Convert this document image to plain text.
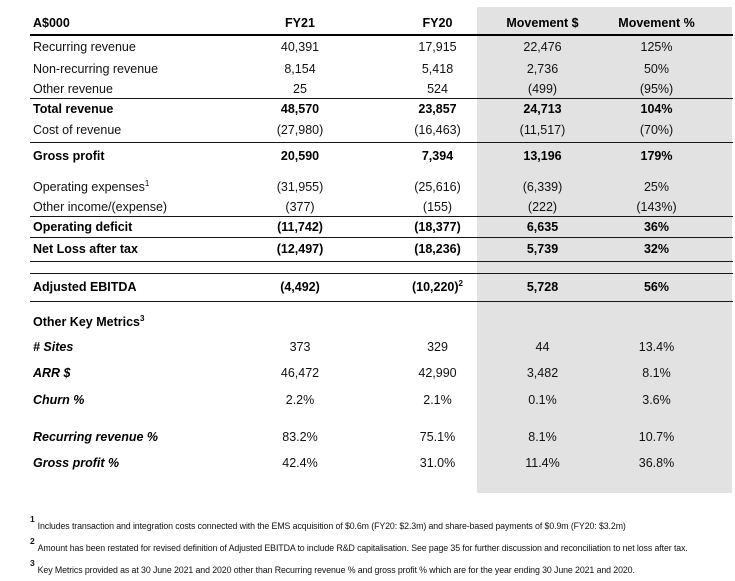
A$000	FY21	FY20	Movement $	Movement %
Recurring revenue	40,391	17,915	22,476	125%
Non-recurring revenue	8,154	5,418	2,736	50%
Other revenue	25	524	(499)	(95%)
Total revenue	48,570	23,857	24,713	104%
Cost of revenue	(27,980)	(16,463)	(11,517)	(70%)
Gross profit	20,590	7,394	13,196	179%
Operating expenses$^1$	(31,955)	(25,616)	(6,339)	25%
Other income/(expense)	(377)	(155)	(222)	(143%)
Operating deficit	(11,742)	(18,377)	6,635	36%
Net Loss after tax	(12,497)	(18,236)	5,739	32%
Adjusted EBITDA	(4,492)	$(10,220)^2$	5,728	56%
Other Key Metrics$^3$
# Sites	373	329	44	13.4%
ARR $	46,472	42,990	3,482	8.1%
Churn %	2.2%	2.1%	0.1%	3.6%
Recurring revenue %	83.2%	75.1%	8.1%	10.7%
Gross profit %	42.4%	31.0%	11.4%	36.8%
$^1$Includes transaction and integration costs connected with the EMS acquisition of $0.6m (FY20: $2.3m) and share-based payments of $0.9m (FY20: $3.2m)
$^2$Amount has been restated for revised definition of Adjusted EBITDA to include R&D capitalisation. See page 35 for further discussion and reconciliation to net loss after tax.
$^3$Key Metrics provided as at 30 June 2021 and 2020 other than Recurring revenue % and gross profit % which are for the year ending 30 June 2021 and 2020.
